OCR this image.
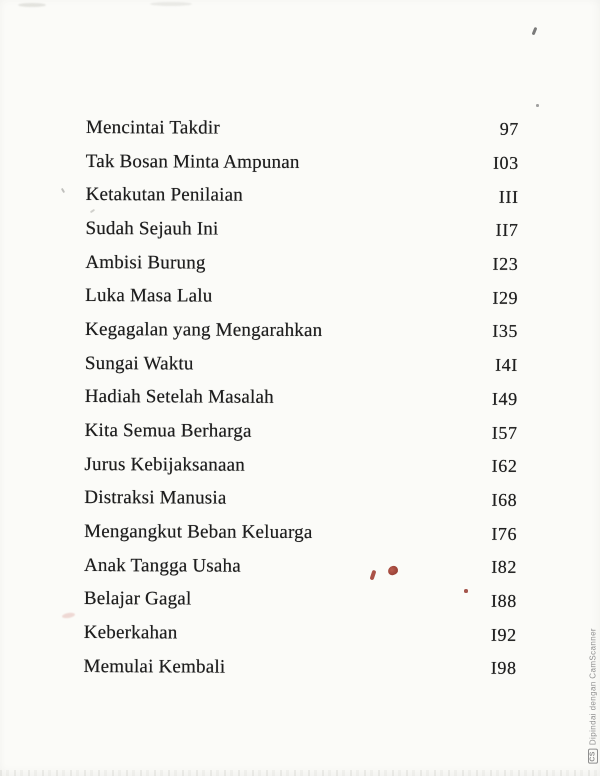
Mencintai Takdir	97
Tak Bosan Minta Ampunan	I03
Ketakutan Penilaian	III
Sudah Sejauh Ini	II7
Ambisi Burung	I23
Luka Masa Lalu	I29
Kegagalan yang Mengarahkan	I35
Sungai Waktu	I4I
Hadiah Setelah Masalah	I49
Kita Semua Berharga	I57
Jurus Kebijaksanaan	I62
Distraksi Manusia	I68
Mengangkut Beban Keluarga	I76
Anak Tangga Usaha	I82
Belajar Gagal	I88
Keberkahan	I92
Memulai Kembali	I98
CSDipindai dengan CamScanner
